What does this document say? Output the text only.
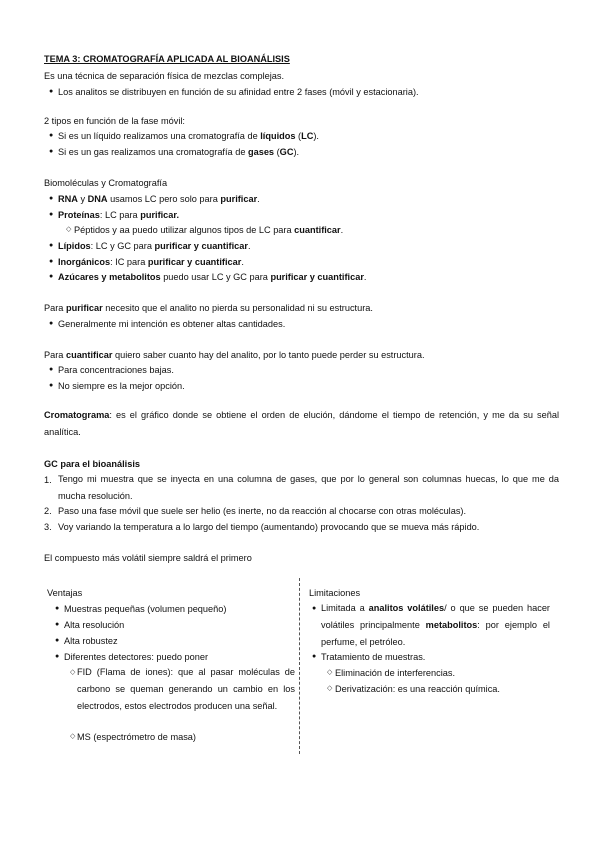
TEMA 3: CROMATOGRAFÍA APLICADA AL BIOANÁLISIS
Es una técnica de separación física de mezclas complejas.
● Los analitos se distribuyen en función de su afinidad entre 2 fases (móvil y estacionaria).
2 tipos en función de la fase móvil:
● Si es un líquido realizamos una cromatografía de líquidos (LC).
● Si es un gas realizamos una cromatografía de gases (GC).
Biomoléculas y Cromatografía
● RNA y DNA usamos LC pero solo para purificar.
● Proteínas: LC para purificar.
◇ Péptidos y aa puedo utilizar algunos tipos de LC para cuantificar.
● Lípidos: LC y GC para purificar y cuantificar.
● Inorgánicos: IC para purificar y cuantificar.
● Azúcares y metabolitos puedo usar LC y GC para purificar y cuantificar.
Para purificar necesito que el analito no pierda su personalidad ni su estructura.
● Generalmente mi intención es obtener altas cantidades.
Para cuantificar quiero saber cuanto hay del analito, por lo tanto puede perder su estructura.
● Para concentraciones bajas.
● No siempre es la mejor opción.
Cromatograma: es el gráfico donde se obtiene el orden de elución, dándome el tiempo de retención, y me da su señal analítica.
GC para el bioanálisis
1. Tengo mi muestra que se inyecta en una columna de gases, que por lo general son columnas huecas, lo que me da mucha resolución.
2. Paso una fase móvil que suele ser helio (es inerte, no da reacción al chocarse con otras moléculas).
3. Voy variando la temperatura a lo largo del tiempo (aumentando) provocando que se mueva más rápido.
El compuesto más volátil siempre saldrá el primero
Ventajas
● Muestras pequeñas (volumen pequeño)
● Alta resolución
● Alta robustez
● Diferentes detectores: puedo poner
◇ FID (Flama de iones): que al pasar moléculas de carbono se queman generando un cambio en los electrodos, estos electrodos producen una señal.
◇ MS (espectrómetro de masa)
Limitaciones
● Limitada a analitos volátiles/ o que se pueden hacer volátiles principalmente metabolitos: por ejemplo el perfume, el petróleo.
● Tratamiento de muestras.
◇ Eliminación de interferencias.
◇ Derivatización: es una reacción química.
